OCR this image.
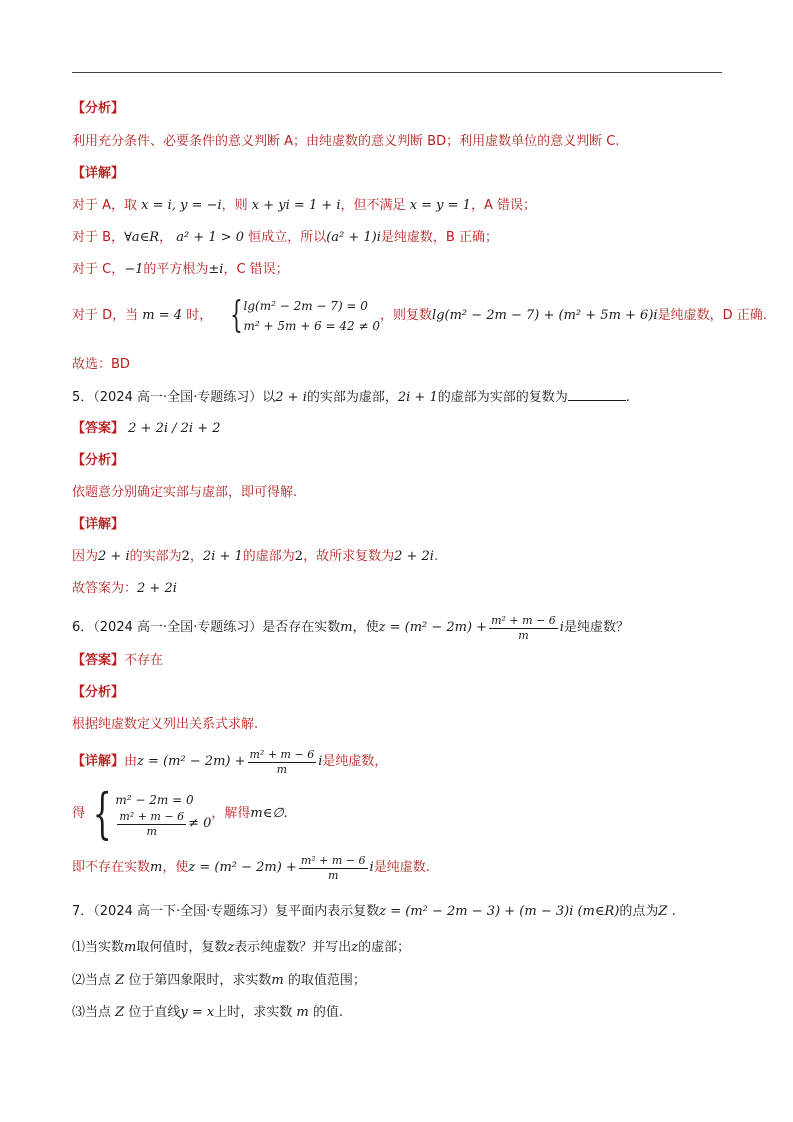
【分析】
利用充分条件、必要条件的意义判断 A；由纯虚数的意义判断 BD；利用虚数单位的意义判断 C.
【详解】
对于 A，取 x = i, y = −i，则 x + yi = 1 + i，但不满足 x = y = 1，A 错误；
对于 B，∀a∈R， a² + 1 > 0 恒成立，所以(a² + 1)i是纯虚数，B 正确；
对于 C，−1的平方根为±i，C 错误；
对于 D，当
m = 4
时，
{ lg(m² − 2m − 7) = 0
m² + 5m + 6 = 42 ≠ 0
，则复数 lg(m² − 2m − 7) + (m² + 5m + 6)i 是纯虚数，D 正确.
故选：BD
5．（2024 高一·全国·专题练习）以2 + i的实部为虚部，2i + 1的虚部为实部的复数为	.
【答案】 2 + 2i / 2i + 2
【分析】
依题意分别确定实部与虚部，即可得解.
【详解】
因为2 + i的实部为2，2i + 1的虚部为2，故所求复数为2 + 2i.
故答案为：2 + 2i
6．（2024 高一·全国·专题练习）是否存在实数 m ，使 $z = (m^2 - 2m) + \frac{\text{m² + m − 6}}{m}$ i 是纯虚数？
【答案】不存在
【分析】
根据纯虚数定义列出关系式求解.
【详解】 由 $z = (m^2 - 2m) + \frac{\text{m² + m − 6}}{m}$ i 是纯虚数，
得 { m² − 2m = 0
$\frac{\text{m² + m − 6}}{m} \ne 0$
，解得 m∈∅.
即不存在实数 m ，使 $z = (m^2 - 2m) + \frac{\text{m² + m − 6}}{m}$ i 是纯虚数.
7．（2024 高一下·全国·专题练习）复平面内表示复数z = (m² − 2m − 3) + (m − 3)i (m∈R)的点为Z .
⑴当实数m取何值时，复数z表示纯虚数？并写出z的虚部；
⑵当点 Z 位于第四象限时，求实数m 的取值范围；
⑶当点 Z 位于直线y = x上时，求实数 m 的值.
